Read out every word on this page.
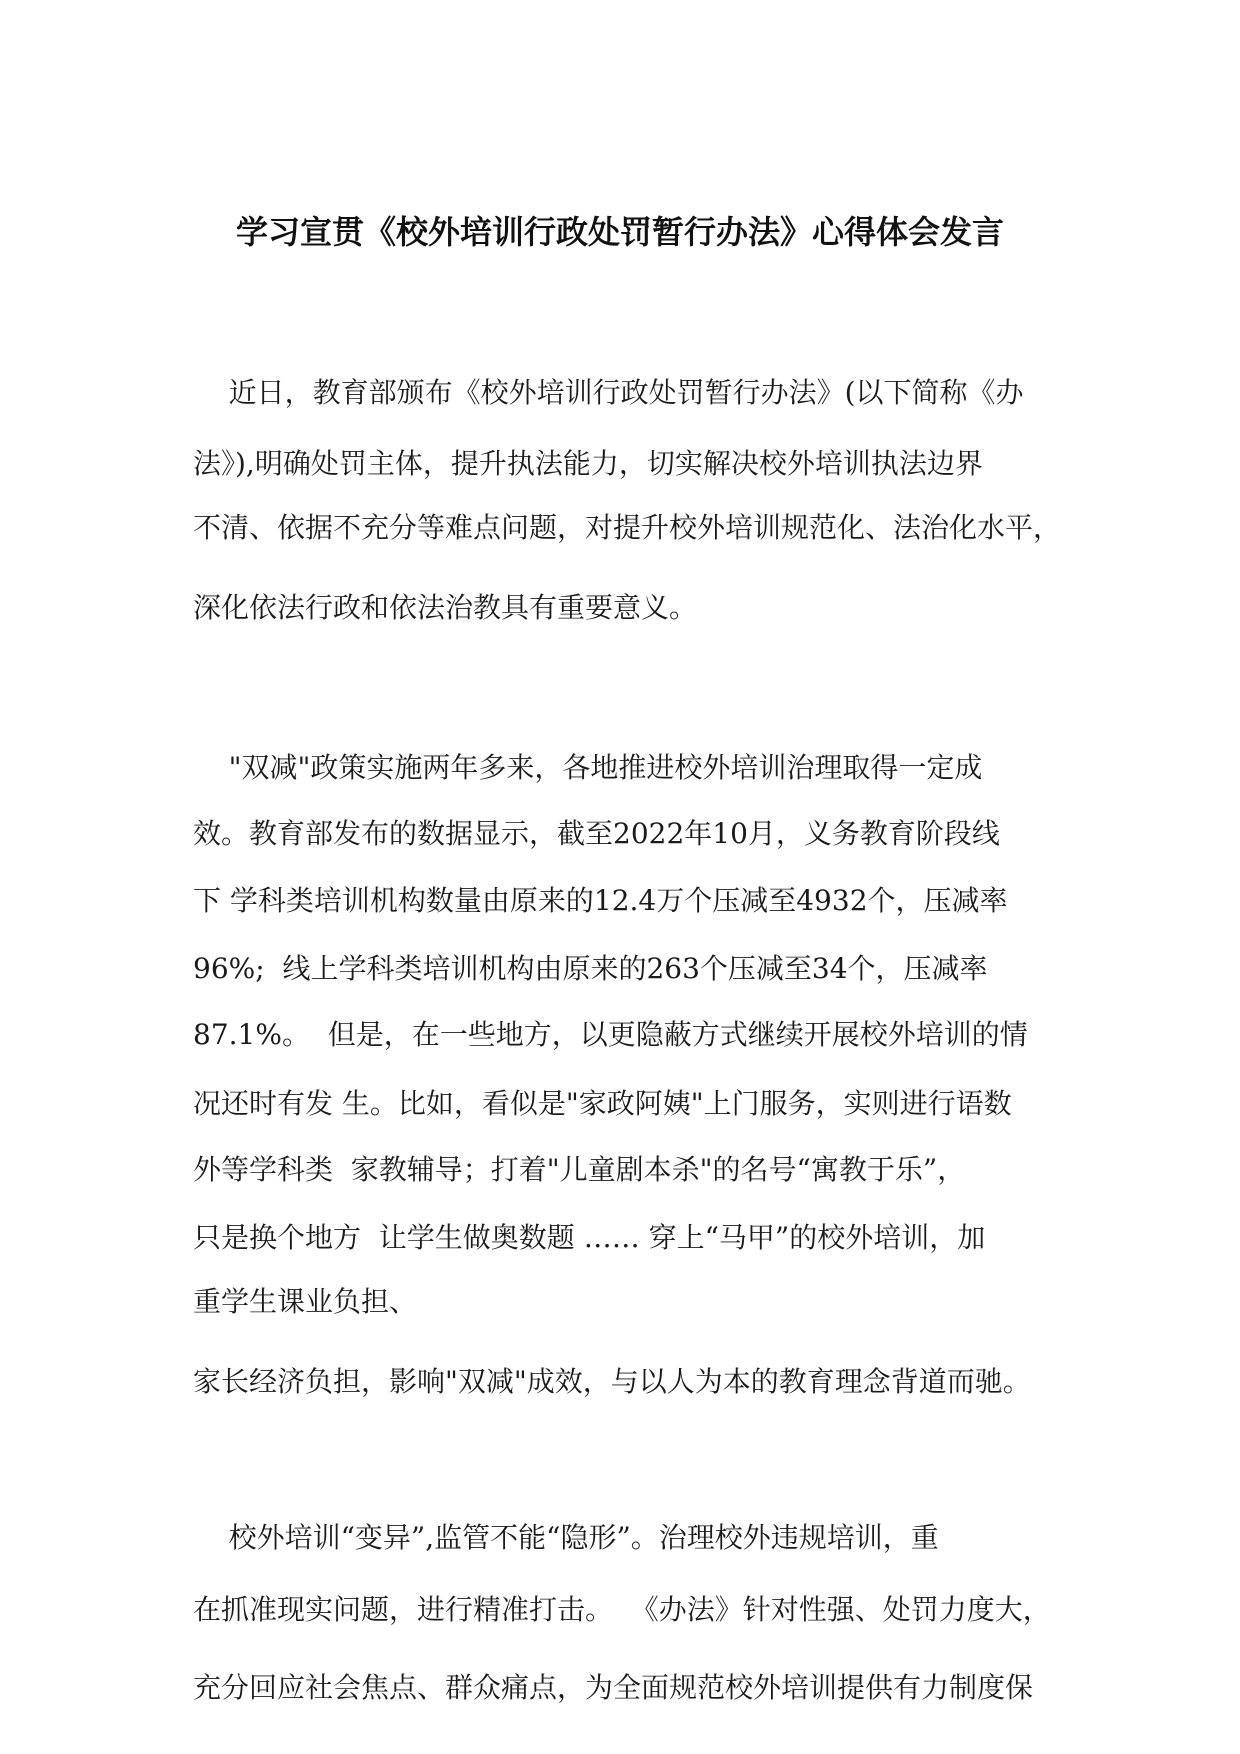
学习宣贯《校外培训行政处罚暂行办法》心得体会发言
近日，教育部颁布《校外培训行政处罚暂行办法》(以下简称《办
法》),明确处罚主体，提升执法能力，切实解决校外培训执法边界
不清、依据不充分等难点问题，对提升校外培训规范化、法治化水平，
深化依法行政和依法治教具有重要意义。
"双减"政策实施两年多来，各地推进校外培训治理取得一定成
效。教育部发布的数据显示，截至2022年10月，义务教育阶段线
下 学科类培训机构数量由原来的12.4万个压减至4932个，压减率
96%;  线上学科类培训机构由原来的263个压减至34个，压减率
87.1%。  但是，在一些地方，以更隐蔽方式继续开展校外培训的情
况还时有发 生。比如，看似是"家政阿姨"上门服务，实则进行语数
外等学科类  家教辅导；打着"儿童剧本杀"的名号“寓教于乐”，
只是换个地方  让学生做奥数题 …… 穿上“马甲”的校外培训，加
重学生课业负担、
家长经济负担，影响"双减"成效，与以人为本的教育理念背道而驰。
校外培训“变异”,监管不能“隐形”。治理校外违规培训，重
在抓准现实问题，进行精准打击。  《办法》针对性强、处罚力度大，
充分回应社会焦点、群众痛点，为全面规范校外培训提供有力制度保
